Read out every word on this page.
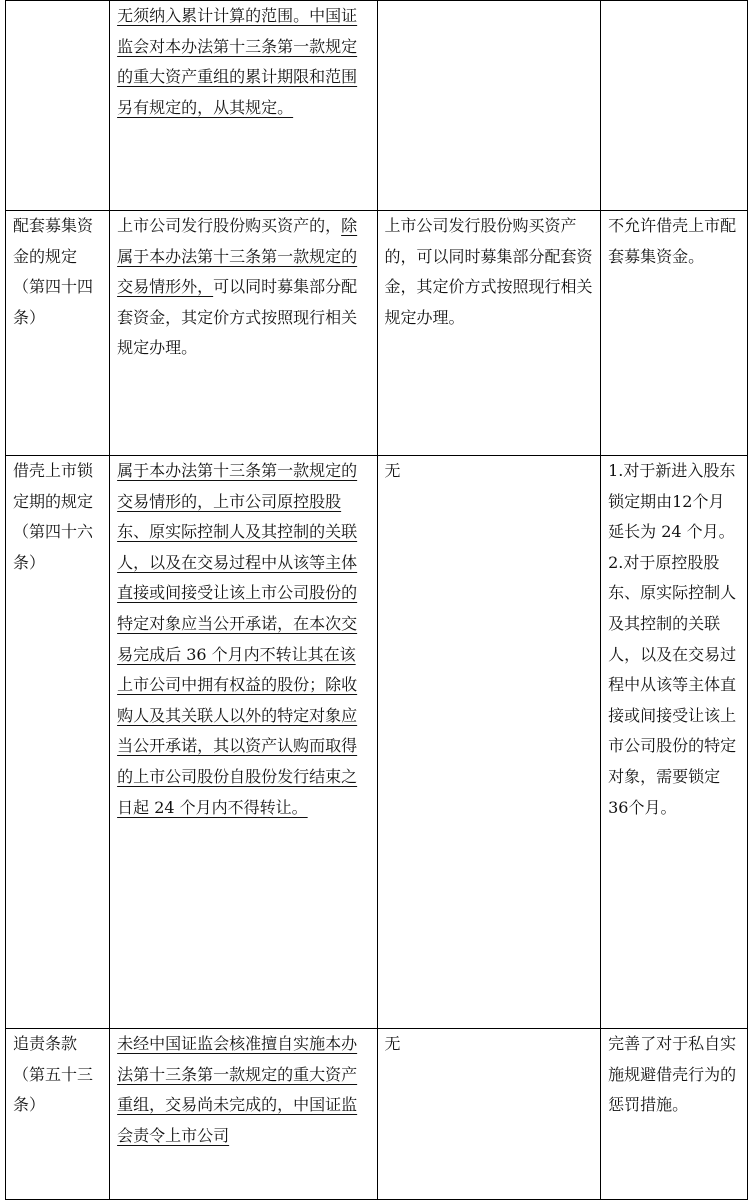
	无须纳入累计计算的范围。中国证监会对本办法第十三条第一款规定的重大资产重组的累计期限和范围另有规定的，从其规定。		
配套募集资金的规定（第四十四条）	上市公司发行股份购买资产的，除属于本办法第十三条第一款规定的交易情形外，可以同时募集部分配套资金，其定价方式按照现行相关规定办理。	上市公司发行股份购买资产的，可以同时募集部分配套资金，其定价方式按照现行相关规定办理。	不允许借壳上市配套募集资金。
借壳上市锁定期的规定（第四十六条）	属于本办法第十三条第一款规定的交易情形的，上市公司原控股股东、原实际控制人及其控制的关联人，以及在交易过程中从该等主体直接或间接受让该上市公司股份的特定对象应当公开承诺，在本次交易完成后 36 个月内不转让其在该上市公司中拥有权益的股份；除收购人及其关联人以外的特定对象应当公开承诺，其以资产认购而取得的上市公司股份自股份发行结束之日起 24 个月内不得转让。	无	1.对于新进入股东锁定期由12个月延长为 24 个月。

2.对于原控股股东、原实际控制人及其控制的关联人，以及在交易过程中从该等主体直接或间接受让该上市公司股份的特定对象，需要锁定36个月。

追责条款（第五十三条）	未经中国证监会核准擅自实施本办法第十三条第一款规定的重大资产重组，交易尚未完成的，中国证监会责令上市公司	无	完善了对于私自实施规避借壳行为的惩罚措施。
